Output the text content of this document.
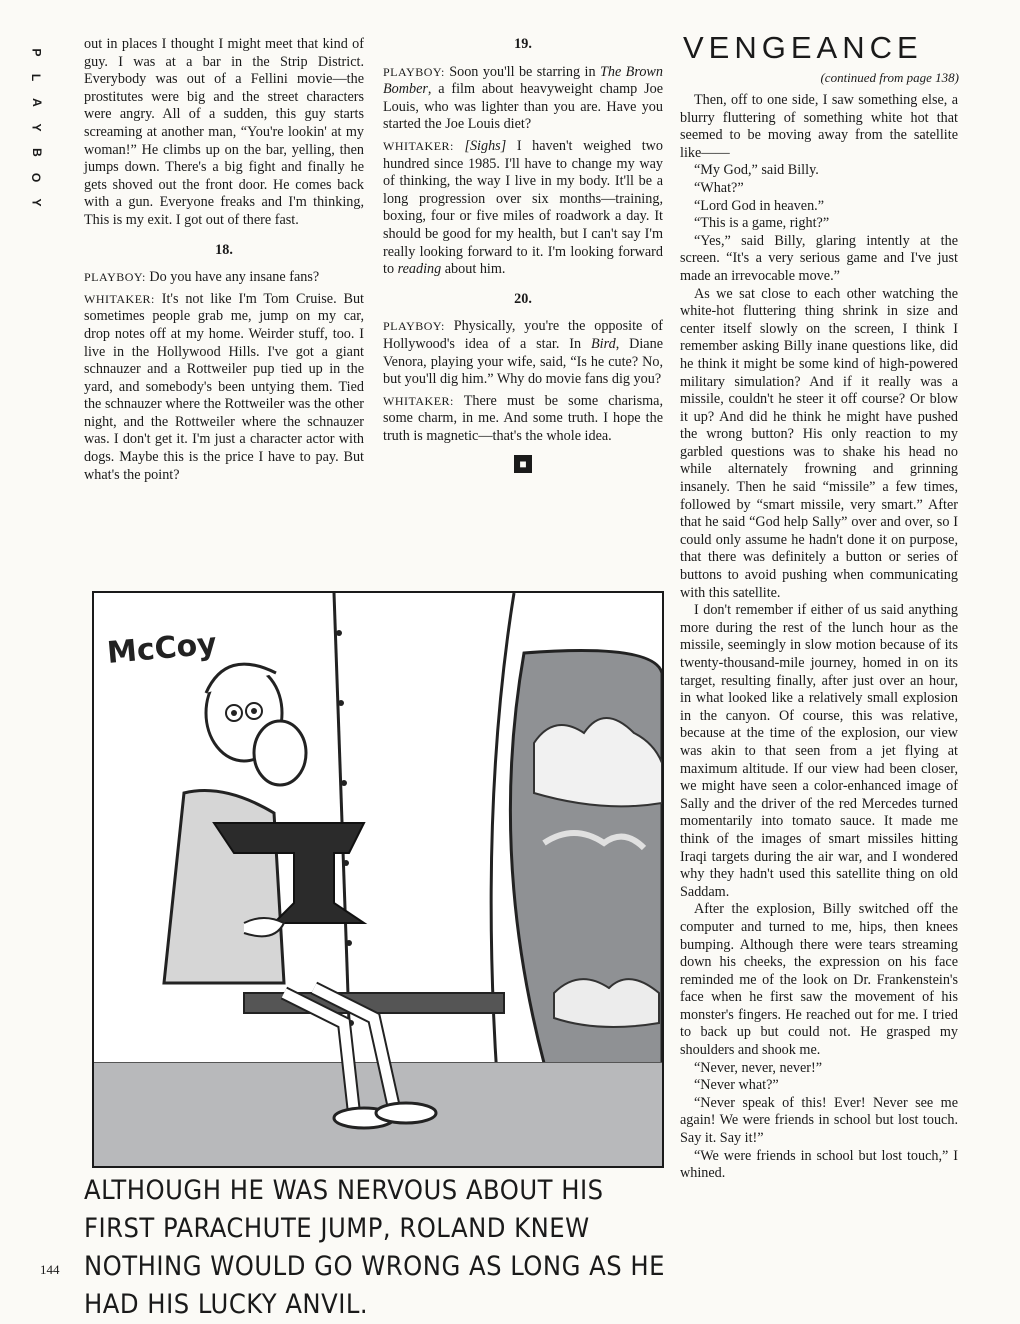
P
L
A
Y
B
O
Y

out in places I thought I might meet that kind of guy. I was at a bar in the Strip District. Everybody was out of a Fellini movie—the prostitutes were big and the street characters were angry. All of a sudden, this guy starts screaming at another man, “You're lookin' at my woman!” He climbs up on the bar, yelling, then jumps down. There's a big fight and finally he gets shoved out the front door. He comes back with a gun. Everyone freaks and I'm thinking, This is my exit. I got out of there fast.

18.

PLAYBOY: Do you have any insane fans?

WHITAKER: It's not like I'm Tom Cruise. But sometimes people grab me, jump on my car, drop notes off at my home. Weirder stuff, too. I live in the Hollywood Hills. I've got a giant schnauzer and a Rottweiler pup tied up in the yard, and somebody's been untying them. Tied the schnauzer where the Rottweiler was the other night, and the Rottweiler where the schnauzer was. I don't get it. I'm just a character actor with dogs. Maybe this is the price I have to pay. But what's the point?

19.

PLAYBOY: Soon you'll be starring in The Brown Bomber, a film about heavyweight champ Joe Louis, who was lighter than you are. Have you started the Joe Louis diet?

WHITAKER: [Sighs] I haven't weighed two hundred since 1985. I'll have to change my way of thinking, the way I live in my body. It'll be a long progression over six months—training, boxing, four or five miles of roadwork a day. It should be good for my health, but I can't say I'm really looking forward to it. I'm looking forward to reading about him.

20.

PLAYBOY: Physically, you're the opposite of Hollywood's idea of a star. In Bird, Diane Venora, playing your wife, said, “Is he cute? No, but you'll dig him.” Why do movie fans dig you?

WHITAKER: There must be some charisma, some charm, in me. And some truth. I hope the truth is magnetic—that's the whole idea.

■
VENGEANCE
(continued from page 138)

Then, off to one side, I saw something else, a blurry fluttering of something white hot that seemed to be moving away from the satellite like——

“My God,” said Billy.

“What?”

“Lord God in heaven.”

“This is a game, right?”

“Yes,” said Billy, glaring intently at the screen. “It's a very serious game and I've just made an irrevocable move.”

As we sat close to each other watching the white-hot fluttering thing shrink in size and center itself slowly on the screen, I think I remember asking Billy inane questions like, did he think it might be some kind of high-powered military simulation? And if it really was a missile, couldn't he steer it off course? Or blow it up? And did he think he might have pushed the wrong button? His only reaction to my garbled questions was to shake his head no while alternately frowning and grinning insanely. Then he said “missile” a few times, followed by “smart missile, very smart.” After that he said “God help Sally” over and over, so I could only assume he hadn't done it on purpose, that there was definitely a button or series of buttons to avoid pushing when communicating with this satellite.

I don't remember if either of us said anything more during the rest of the lunch hour as the missile, seemingly in slow motion because of its twenty-thousand-mile journey, homed in on its target, resulting finally, after just over an hour, in what looked like a relatively small explosion in the canyon. Of course, this was relative, because at the time of the explosion, our view was akin to that seen from a jet flying at maximum altitude. If our view had been closer, we might have seen a color-enhanced image of Sally and the driver of the red Mercedes turned momentarily into tomato sauce. It made me think of the images of smart missiles hitting Iraqi targets during the air war, and I wondered why they hadn't used this satellite thing on old Saddam.

After the explosion, Billy switched off the computer and turned to me, hips, then knees bumping. Although there were tears streaming down his cheeks, the expression on his face reminded me of the look on Dr. Frankenstein's face when he first saw the movement of his monster's fingers. He reached out for me. I tried to back up but could not. He grasped my shoulders and shook me.

“Never, never, never!”

“Never what?”

“Never speak of this! Ever! Never see me again! We were friends in school but lost touch. Say it. Say it!”

“We were friends in school but lost touch,” I whined.

McCoy
ALTHOUGH HE WAS NERVOUS ABOUT HIS FIRST PARACHUTE JUMP, ROLAND KNEW NOTHING WOULD GO WRONG AS LONG AS HE HAD HIS LUCKY ANVIL.
144
